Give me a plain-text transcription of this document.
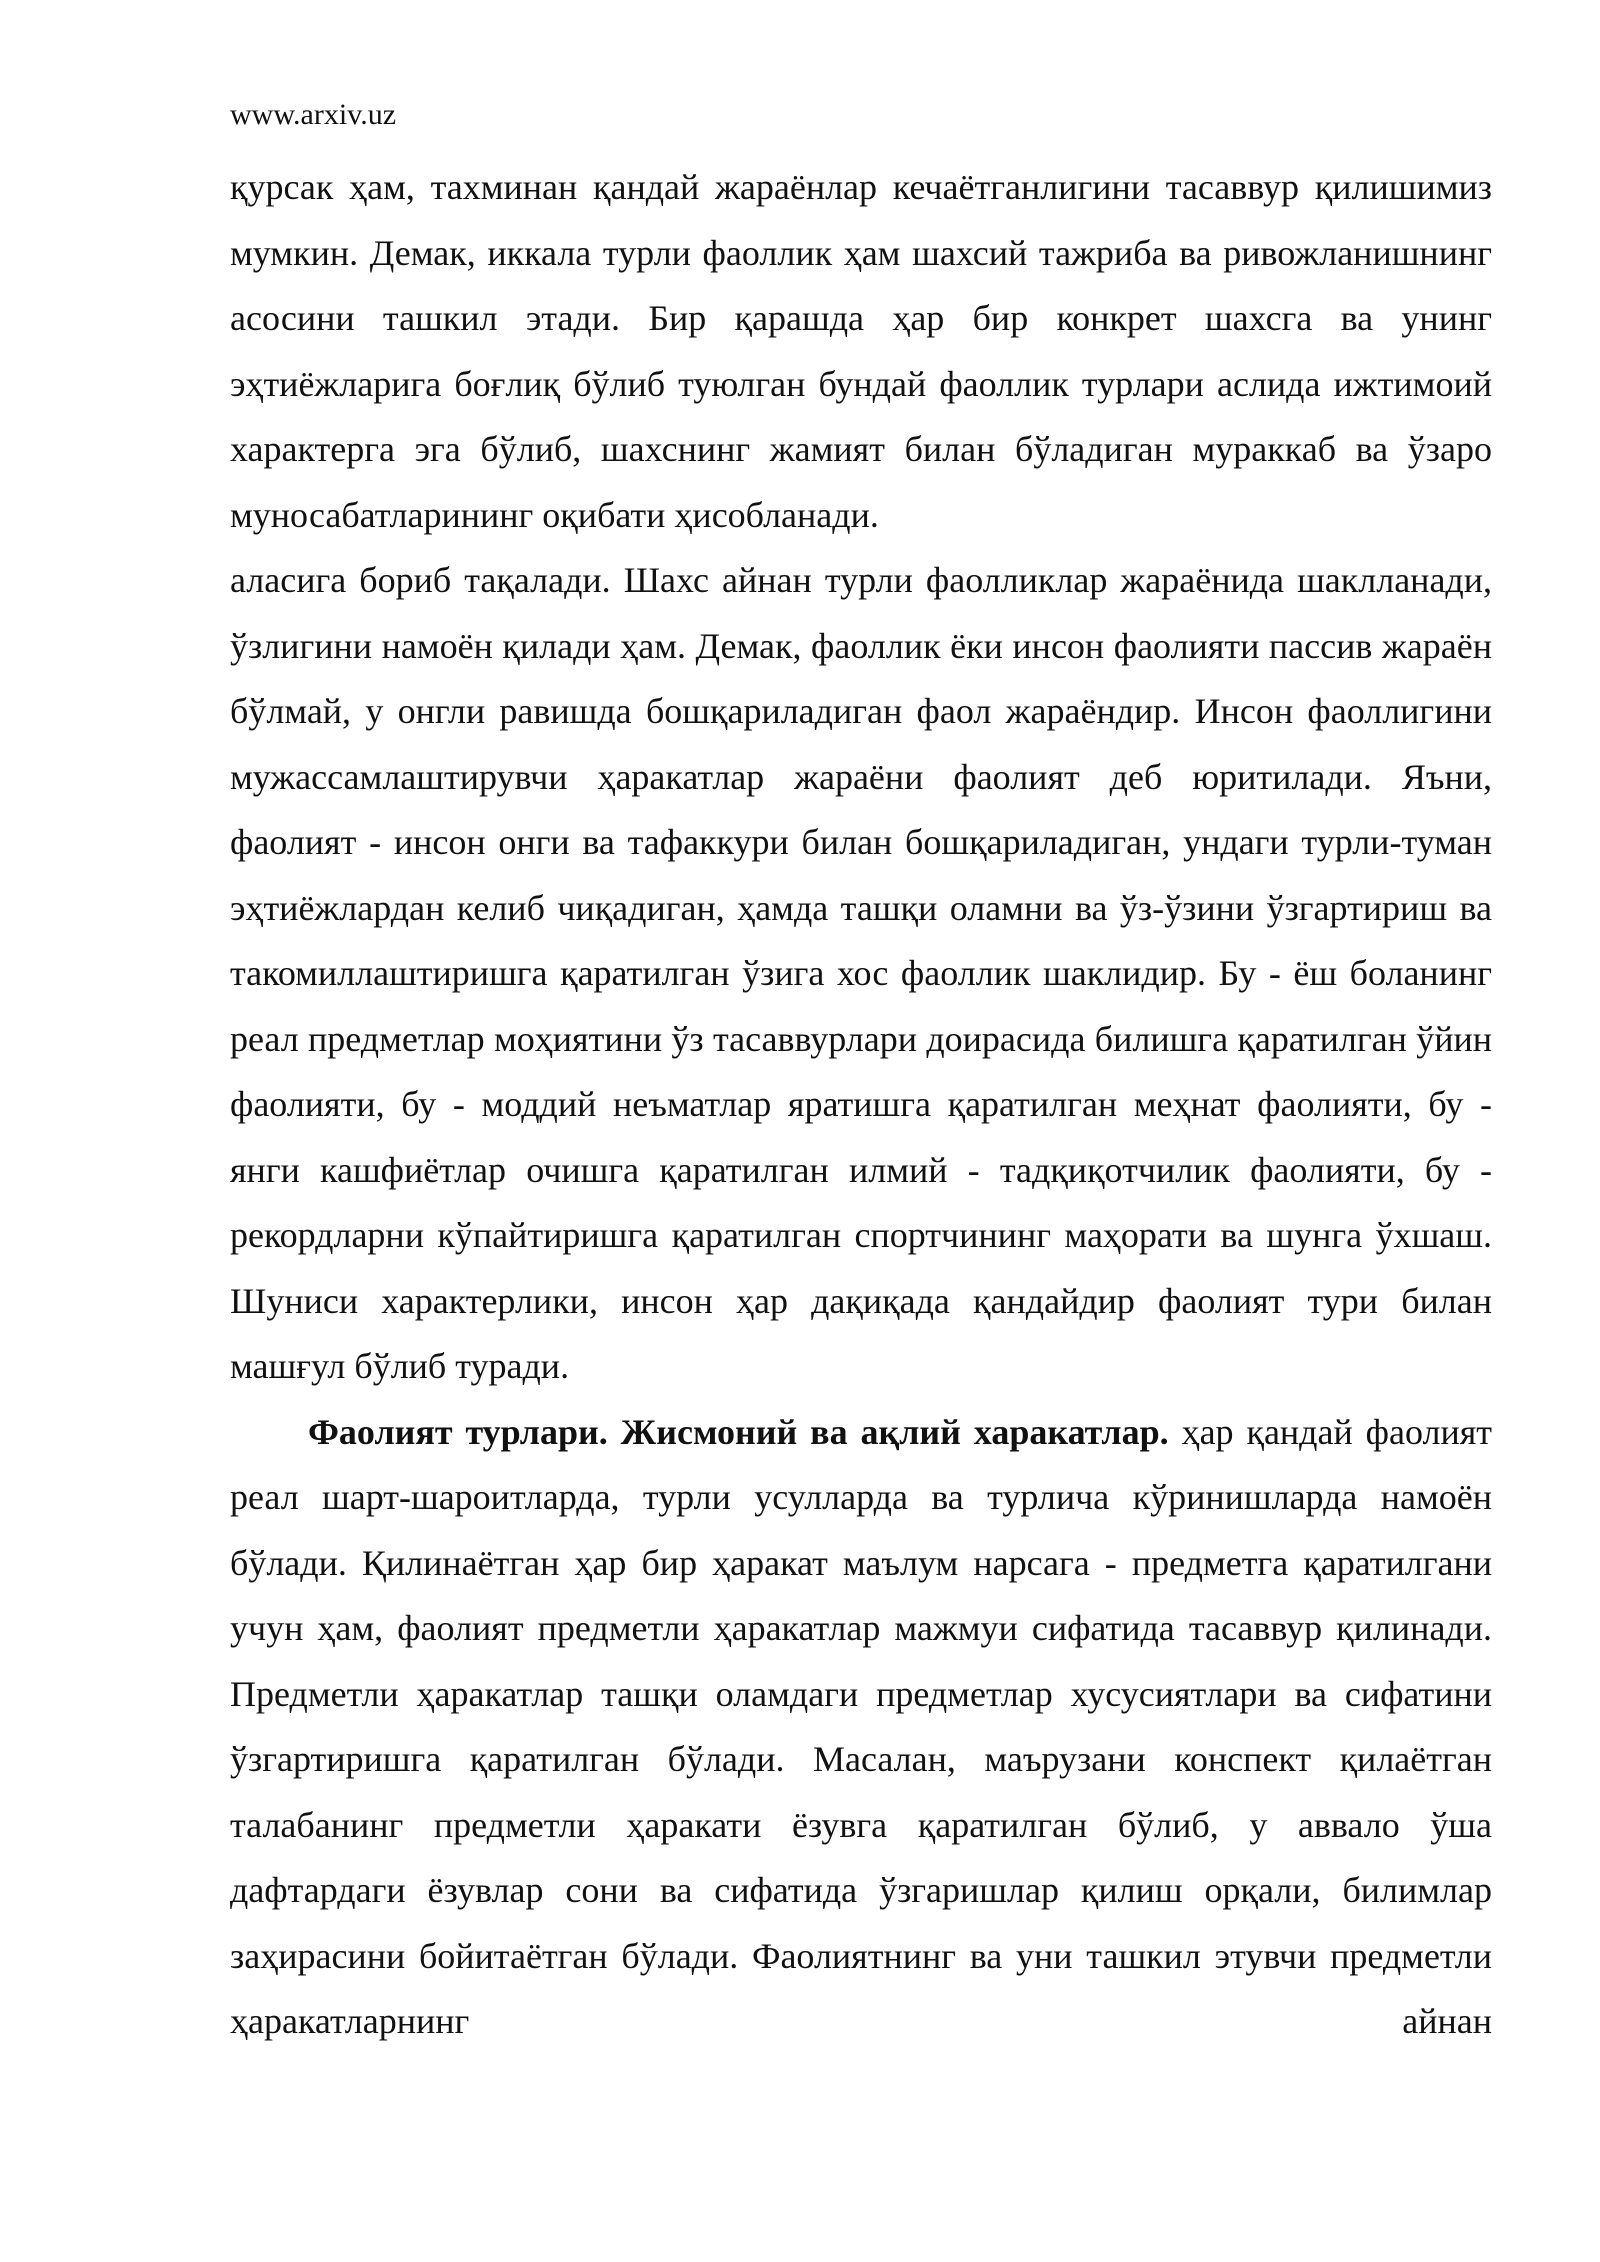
www.arxiv.uz

қурсак ҳам, тахминан қандай жараёнлар кечаётганлигини тасаввур қилишимиз мумкин. Демак, иккала турли фаоллик ҳам шахсий тажриба ва ривожланишнинг асосини ташкил этади. Бир қарашда ҳар бир конкрет шахсга ва унинг эҳтиёжларига боғлиқ бўлиб туюлган бундай фаоллик турлари аслида ижтимоий характерга эга бўлиб, шахснинг жамият билан бўладиган мураккаб ва ўзаро муносабатларининг оқибати ҳисобланади.

аласига бориб тақалади. Шахс айнан турли фаолликлар жараёнида шаклланади, ўзлигини намоён қилади ҳам. Демак, фаоллик ёки инсон фаолияти пассив жараён бўлмай, у онгли равишда бошқариладиган фаол жараёндир. Инсон фаоллигини мужассамлаштирувчи ҳаракатлар жараёни фаолият деб юритилади. Яъни, фаолият - инсон онги ва тафаккури билан бошқариладиган, ундаги турли-туман эҳтиёжлардан келиб чиқадиган, ҳамда ташқи оламни ва ўз-ўзини ўзгартириш ва такомиллаштиришга қаратилган ўзига хос фаоллик шаклидир. Бу - ёш боланинг реал предметлар моҳиятини ўз тасаввурлари доирасида билишга қаратилган ўйин фаолияти, бу - моддий неъматлар яратишга қаратилган меҳнат фаолияти, бу - янги кашфиётлар очишга қаратилган илмий - тадқиқотчилик фаолияти, бу - рекордларни кўпайтиришга қаратилган спортчининг маҳорати ва шунга ўхшаш. Шуниси характерлики, инсон ҳар дақиқада қандайдир фаолият тури билан машғул бўлиб туради.

Фаолият турлари. Жисмоний ва ақлий харакатлар. ҳар қандай фаолият реал шарт-шароитларда, турли усулларда ва турлича кўринишларда намоён бўлади. Қилинаётган ҳар бир ҳаракат маълум нарсага - предметга қаратилгани учун ҳам, фаолият предметли ҳаракатлар мажмуи сифатида тасаввур қилинади. Предметли ҳаракатлар ташқи оламдаги предметлар хусусиятлари ва сифатини ўзгартиришга қаратилган бўлади. Масалан, маърузани конспект қилаётган талабанинг предметли ҳаракати ёзувга қаратилган бўлиб, у аввало ўша дафтардаги ёзувлар сони ва сифатида ўзгаришлар қилиш орқали, билимлар заҳирасини бойитаётган бўлади. Фаолиятнинг ва уни ташкил этувчи предметли ҳаракатларнинг айнан
